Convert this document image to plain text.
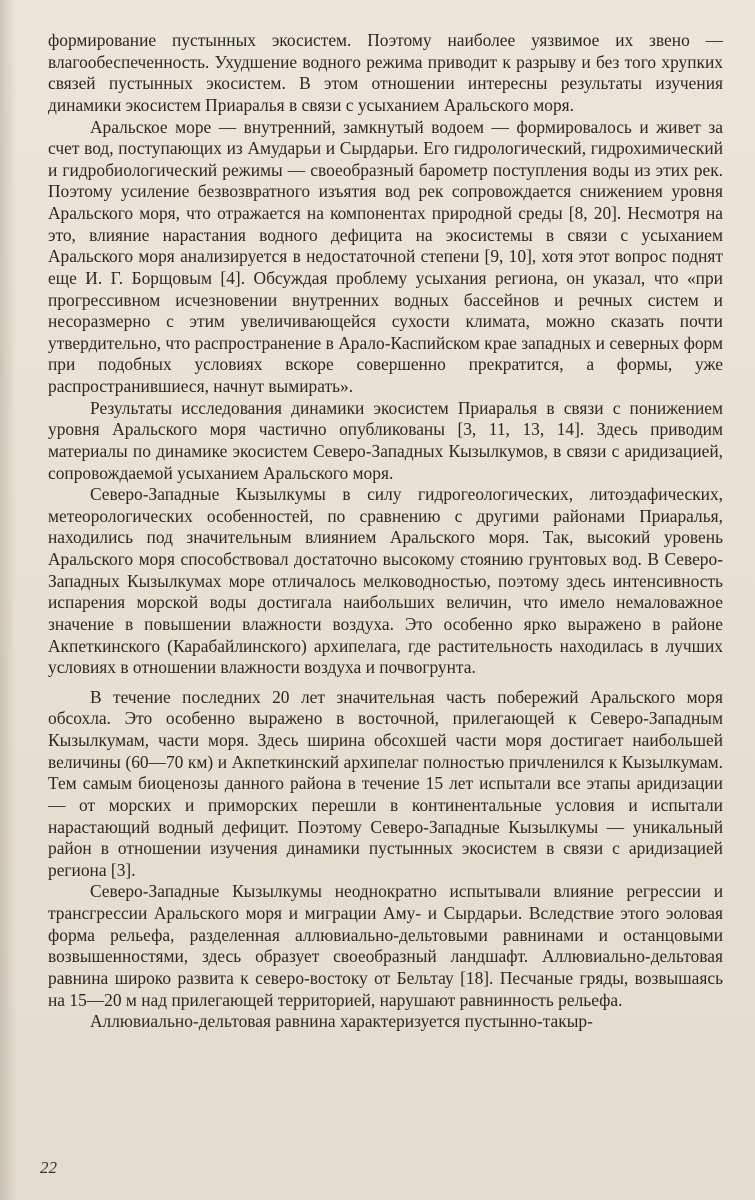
формирование пустынных экосистем. Поэтому наиболее уязвимое их звено — влагообеспеченность. Ухудшение водного режима приводит к разрыву и без того хрупких связей пустынных экосистем. В этом отношении интересны результаты изучения динамики экосистем Приаралья в связи с усыханием Аральского моря.

Аральское море — внутренний, замкнутый водоем — формировалось и живет за счет вод, поступающих из Амударьи и Сырдарьи. Его гидрологический, гидрохимический и гидробиологический режимы — своеобразный барометр поступления воды из этих рек. Поэтому усиление безвозвратного изъятия вод рек сопровождается снижением уровня Аральского моря, что отражается на компонентах природной среды [8, 20]. Несмотря на это, влияние нарастания водного дефицита на экосистемы в связи с усыханием Аральского моря анализируется в недостаточной степени [9, 10], хотя этот вопрос поднят еще И. Г. Борщовым [4]. Обсуждая проблему усыхания региона, он указал, что «при прогрессивном исчезновении внутренних водных бассейнов и речных систем и несоразмерно с этим увеличивающейся сухости климата, можно сказать почти утвердительно, что распространение в Арало-Каспийском крае западных и северных форм при подобных условиях вскоре совершенно прекратится, а формы, уже распространившиеся, начнут вымирать».

Результаты исследования динамики экосистем Приаралья в связи с понижением уровня Аральского моря частично опубликованы [3, 11, 13, 14]. Здесь приводим материалы по динамике экосистем Северо-Западных Кызылкумов, в связи с аридизацией, сопровождаемой усыханием Аральского моря.

Северо-Западные Кызылкумы в силу гидрогеологических, литоэдафических, метеорологических особенностей, по сравнению с другими районами Приаралья, находились под значительным влиянием Аральского моря. Так, высокий уровень Аральского моря способствовал достаточно высокому стоянию грунтовых вод. В Северо-Западных Кызылкумах море отличалось мелководностью, поэтому здесь интенсивность испарения морской воды достигала наибольших величин, что имело немаловажное значение в повышении влажности воздуха. Это особенно ярко выражено в районе Акпеткинского (Карабайлинского) архипелага, где растительность находилась в лучших условиях в отношении влажности воздуха и почвогрунта.

В течение последних 20 лет значительная часть побережий Аральского моря обсохла. Это особенно выражено в восточной, прилегающей к Северо-Западным Кызылкумам, части моря. Здесь ширина обсохшей части моря достигает наибольшей величины (60—70 км) и Акпеткинский архипелаг полностью причленился к Кызылкумам. Тем самым биоценозы данного района в течение 15 лет испытали все этапы аридизации — от морских и приморских перешли в континентальные условия и испытали нарастающий водный дефицит. Поэтому Северо-Западные Кызылкумы — уникальный район в отношении изучения динамики пустынных экосистем в связи с аридизацией региона [3].

Северо-Западные Кызылкумы неоднократно испытывали влияние регрессии и трансгрессии Аральского моря и миграции Аму- и Сырдарьи. Вследствие этого эоловая форма рельефа, разделенная аллювиально-дельтовыми равнинами и останцовыми возвышенностями, здесь образует своеобразный ландшафт. Аллювиально-дельтовая равнина широко развита к северо-востоку от Бельтау [18]. Песчаные гряды, возвышаясь на 15—20 м над прилегающей территорией, нарушают равнинность рельефа.

Аллювиально-дельтовая равнина характеризуется пустынно-такыр-

22
